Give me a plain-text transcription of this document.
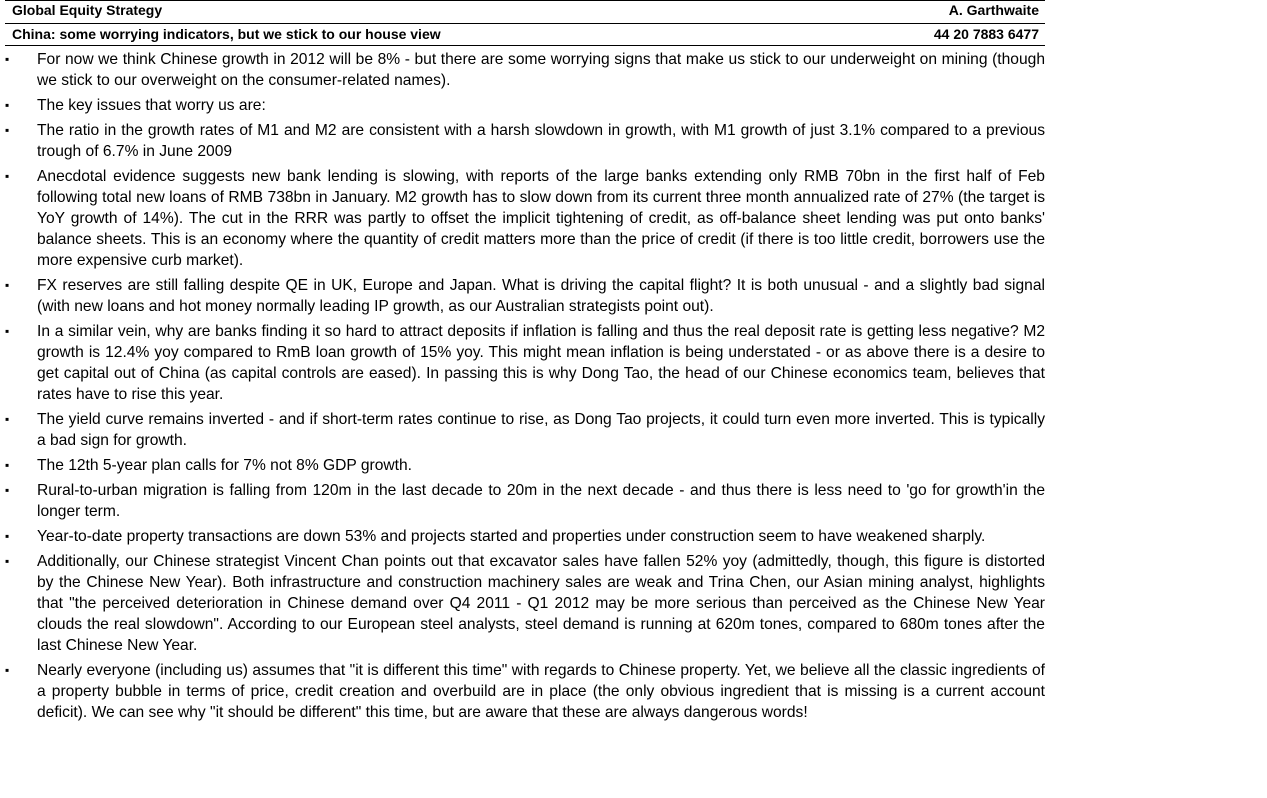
Global Equity Strategy	A. Garthwaite
China: some worrying indicators, but we stick to our house view	44 20 7883 6477
▪	For now we think Chinese growth in 2012 will be 8% - but there are some worrying signs that make us stick to our underweight on mining (though we stick to our overweight on the consumer-related names).
▪	The key issues that worry us are:
▪	The ratio in the growth rates of M1 and M2 are consistent with a harsh slowdown in growth, with M1 growth of just 3.1% compared to a previous trough of 6.7% in June 2009
▪	Anecdotal evidence suggests new bank lending is slowing, with reports of the large banks extending only RMB 70bn in the first half of Feb following total new loans of RMB 738bn in January. M2 growth has to slow down from its current three month annualized rate of 27% (the target is YoY growth of 14%). The cut in the RRR was partly to offset the implicit tightening of credit, as off-balance sheet lending was put onto banks' balance sheets. This is an economy where the quantity of credit matters more than the price of credit (if there is too little credit, borrowers use the more expensive curb market).
▪	FX reserves are still falling despite QE in UK, Europe and Japan. What is driving the capital flight? It is both unusual - and a slightly bad signal (with new loans and hot money normally leading IP growth, as our Australian strategists point out).
▪	In a similar vein, why are banks finding it so hard to attract deposits if inflation is falling and thus the real deposit rate is getting less negative? M2 growth is 12.4% yoy compared to RmB loan growth of 15% yoy. This might mean inflation is being understated - or as above there is a desire to get capital out of China (as capital controls are eased). In passing this is why Dong Tao, the head of our Chinese economics team, believes that rates have to rise this year.
▪	The yield curve remains inverted - and if short-term rates continue to rise, as Dong Tao projects, it could turn even more inverted. This is typically a bad sign for growth.
▪	The 12th 5-year plan calls for 7% not 8% GDP growth.
▪	Rural-to-urban migration is falling from 120m in the last decade to 20m in the next decade - and thus there is less need to 'go for growth'in the longer term.
▪	Year-to-date property transactions are down 53% and projects started and properties under construction seem to have weakened sharply.
▪	Additionally, our Chinese strategist Vincent Chan points out that excavator sales have fallen 52% yoy (admittedly, though, this figure is distorted by the Chinese New Year). Both infrastructure and construction machinery sales are weak and Trina Chen, our Asian mining analyst, highlights that "the perceived deterioration in Chinese demand over Q4 2011 - Q1 2012 may be more serious than perceived as the Chinese New Year clouds the real slowdown". According to our European steel analysts, steel demand is running at 620m tones, compared to 680m tones after the last Chinese New Year.
▪	Nearly everyone (including us) assumes that "it is different this time" with regards to Chinese property. Yet, we believe all the classic ingredients of a property bubble in terms of price, credit creation and overbuild are in place (the only obvious ingredient that is missing is a current account deficit). We can see why "it should be different" this time, but are aware that these are always dangerous words!
